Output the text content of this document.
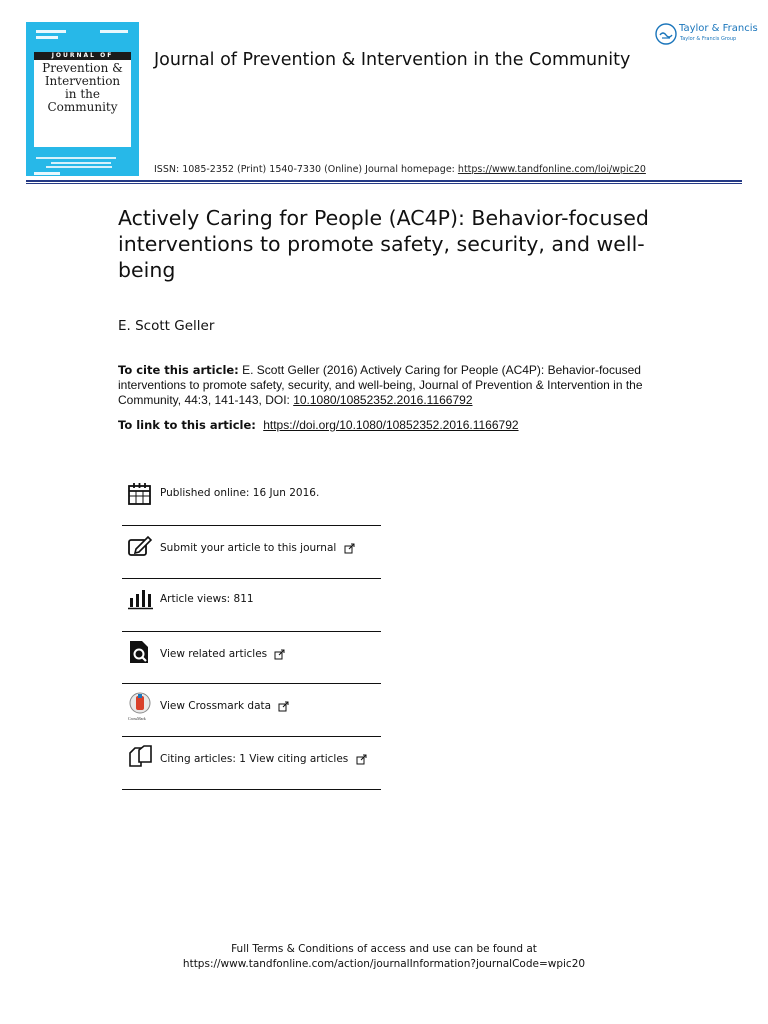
JOURNAL OF
Prevention &
Intervention
in the
Community
Journal of Prevention & Intervention in the Community
ISSN: 1085-2352 (Print) 1540-7330 (Online) Journal homepage: https://www.tandfonline.com/loi/wpic20
Taylor & Francis
Taylor & Francis Group
Actively Caring for People (AC4P): Behavior-focused interventions to promote safety, security, and well-being
E. Scott Geller
To cite this article: E. Scott Geller (2016) Actively Caring for People (AC4P): Behavior-focused interventions to promote safety, security, and well-being, Journal of Prevention & Intervention in the Community, 44:3, 141-143, DOI: 10.1080/10852352.2016.1166792
To link to this article:  https://doi.org/10.1080/10852352.2016.1166792
Published online: 16 Jun 2016.
Submit your article to this journal
Article views: 811
View related articles
CrossMark
View Crossmark data
Citing articles: 1 View citing articles
Full Terms & Conditions of access and use can be found at
https://www.tandfonline.com/action/journalInformation?journalCode=wpic20
